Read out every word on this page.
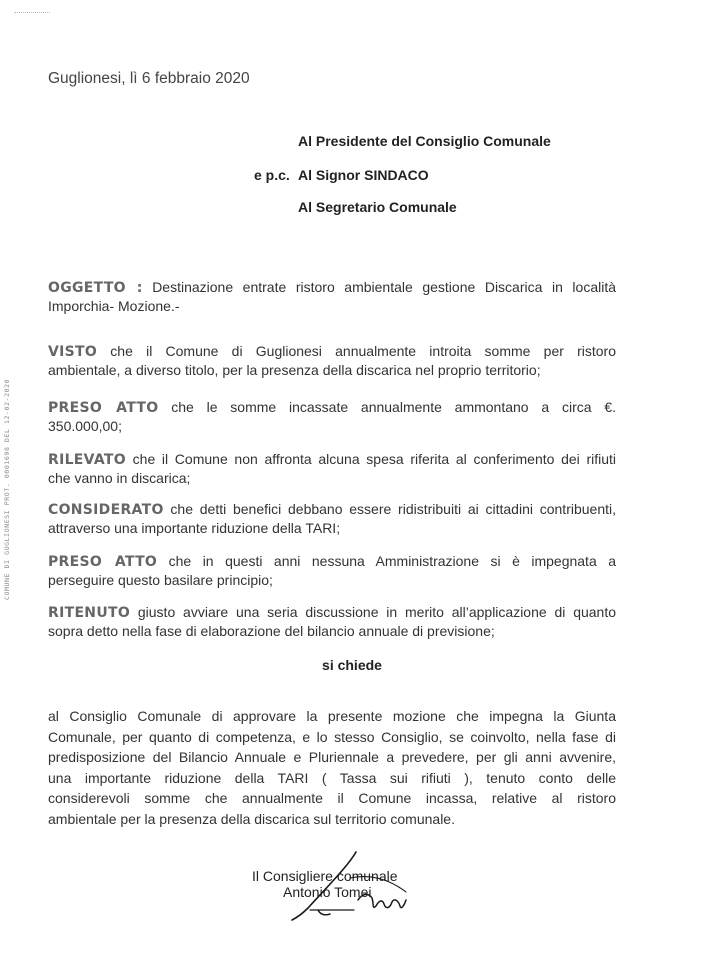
COMUNE DI GUGLIONESI PROT. 0001698 DEL 12-02-2020
Guglionesi, lì 6 febbraio 2020
Al Presidente del Consiglio Comunale
e p.c. Al Signor SINDACO
Al Segretario Comunale
OGGETTO : Destinazione entrate ristoro ambientale gestione Discarica in località
Imporchia- Mozione.-
VISTO che il Comune di Guglionesi annualmente introita somme per ristoro
ambientale, a diverso titolo, per la presenza della discarica nel proprio territorio;
PRESO ATTO che le somme incassate annualmente ammontano a circa €.
350.000,00;
RILEVATO che il Comune non affronta alcuna spesa riferita al conferimento dei rifiuti
che vanno in discarica;
CONSIDERATO che detti benefici debbano essere ridistribuiti ai cittadini contribuenti,
attraverso una importante riduzione della TARI;
PRESO ATTO che in questi anni nessuna Amministrazione si è impegnata a
perseguire questo basilare principio;
RITENUTO giusto avviare una seria discussione in merito all’applicazione di quanto
sopra detto nella fase di elaborazione del bilancio annuale di previsione;
si chiede
al Consiglio Comunale di approvare la presente mozione che impegna la Giunta
Comunale, per quanto di competenza, e lo stesso Consiglio, se coinvolto, nella fase di
predisposizione del Bilancio Annuale e Pluriennale a prevedere, per gli anni avvenire,
una importante riduzione della TARI ( Tassa sui rifiuti ), tenuto conto delle
considerevoli somme che annualmente il Comune incassa, relative al ristoro
ambientale per la presenza della discarica sul territorio comunale.
Il Consigliere comunale
Antonio Tomei
